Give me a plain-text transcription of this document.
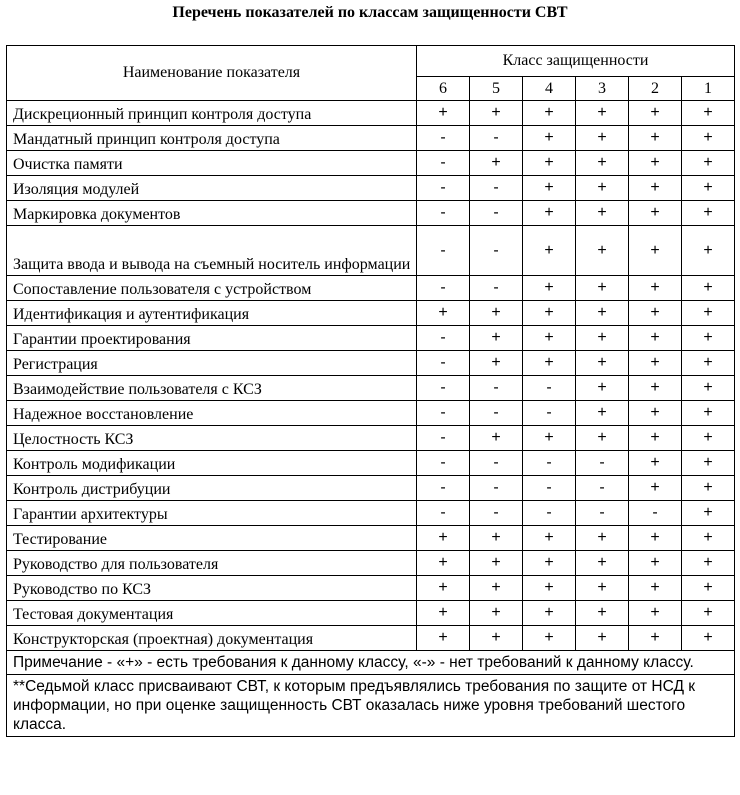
Перечень показателей по классам защищенности СВТ
Наименование показателя	Класс защищенности					
	6	5	4	3	2	1
Дискреционный принцип контроля доступа	+	+	+	+	+	+
Мандатный принцип контроля доступа	-	-	+	+	+	+
Очистка памяти	-	+	+	+	+	+
Изоляция модулей	-	-	+	+	+	+
Маркировка документов	-	-	+	+	+	+
Защита ввода и вывода на съемный носитель информации	-	-	+	+	+	+
Сопоставление пользователя с устройством	-	-	+	+	+	+
Идентификация и аутентификация	+	+	+	+	+	+
Гарантии проектирования	-	+	+	+	+	+
Регистрация	-	+	+	+	+	+
Взаимодействие пользователя с КСЗ	-	-	-	+	+	+
Надежное восстановление	-	-	-	+	+	+
Целостность КСЗ	-	+	+	+	+	+
Контроль модификации	-	-	-	-	+	+
Контроль дистрибуции	-	-	-	-	+	+
Гарантии архитектуры	-	-	-	-	-	+
Тестирование	+	+	+	+	+	+
Руководство для пользователя	+	+	+	+	+	+
Руководство по КСЗ	+	+	+	+	+	+
Тестовая документация	+	+	+	+	+	+
Конструкторская (проектная) документация	+	+	+	+	+	+
Примечание - «+» - есть требования к данному классу, «-» - нет требований к данному классу.						
**Седьмой класс присваивают СВТ, к которым предъявлялись требования по защите от НСД к информации, но при оценке защищенность СВТ оказалась ниже уровня требований шестого класса.						
